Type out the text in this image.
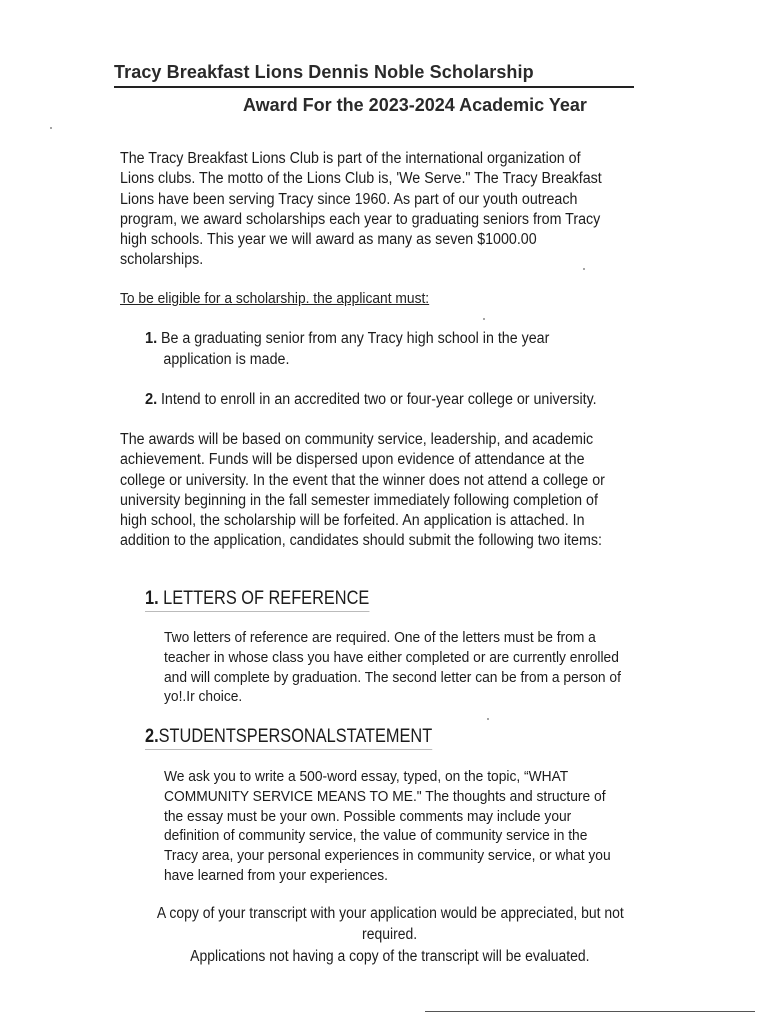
Tracy Breakfast Lions Dennis Noble Scholarship
Award For the 2023-2024 Academic Year
The Tracy Breakfast Lions Club is part of the international organization of Lions clubs. The motto of the Lions Club is, 'We Serve." The Tracy Breakfast Lions have been serving Tracy since 1960. As part of our youth outreach program, we award scholarships each year to graduating seniors from Tracy high schools. This year we will award as many as seven $1000.00 scholarships.
To be eligible for a scholarship. the applicant must:
1. Be a graduating senior from any Tracy high school in the year
application is made.
2. Intend to enroll in an accredited two or four-year college or university.
The awards will be based on community service, leadership, and academic achievement. Funds will be dispersed upon evidence of attendance at the college or university. In the event that the winner does not attend a college or university beginning in the fall semester immediately following completion of high school, the scholarship will be forfeited. An application is attached. In addition to the application, candidates should submit the following two items:
1. LETTERS OF REFERENCE
Two letters of reference are required. One of the letters must be from a teacher in whose class you have either completed or are currently enrolled and will complete by graduation. The second letter can be from a person of yo!.Ir choice.
2.STUDENTSPERSONALSTATEMENT
We ask you to write a 500-word essay, typed, on the topic, “WHAT COMMUNITY SERVICE MEANS TO ME." The thoughts and structure of the essay must be your own. Possible comments may include your definition of community service, the value of community service in the Tracy area, your personal experiences in community service, or what you have learned from your experiences.
A copy of your transcript with your application would be appreciated, but not
required.
Applications not having a copy of the transcript will be evaluated.
